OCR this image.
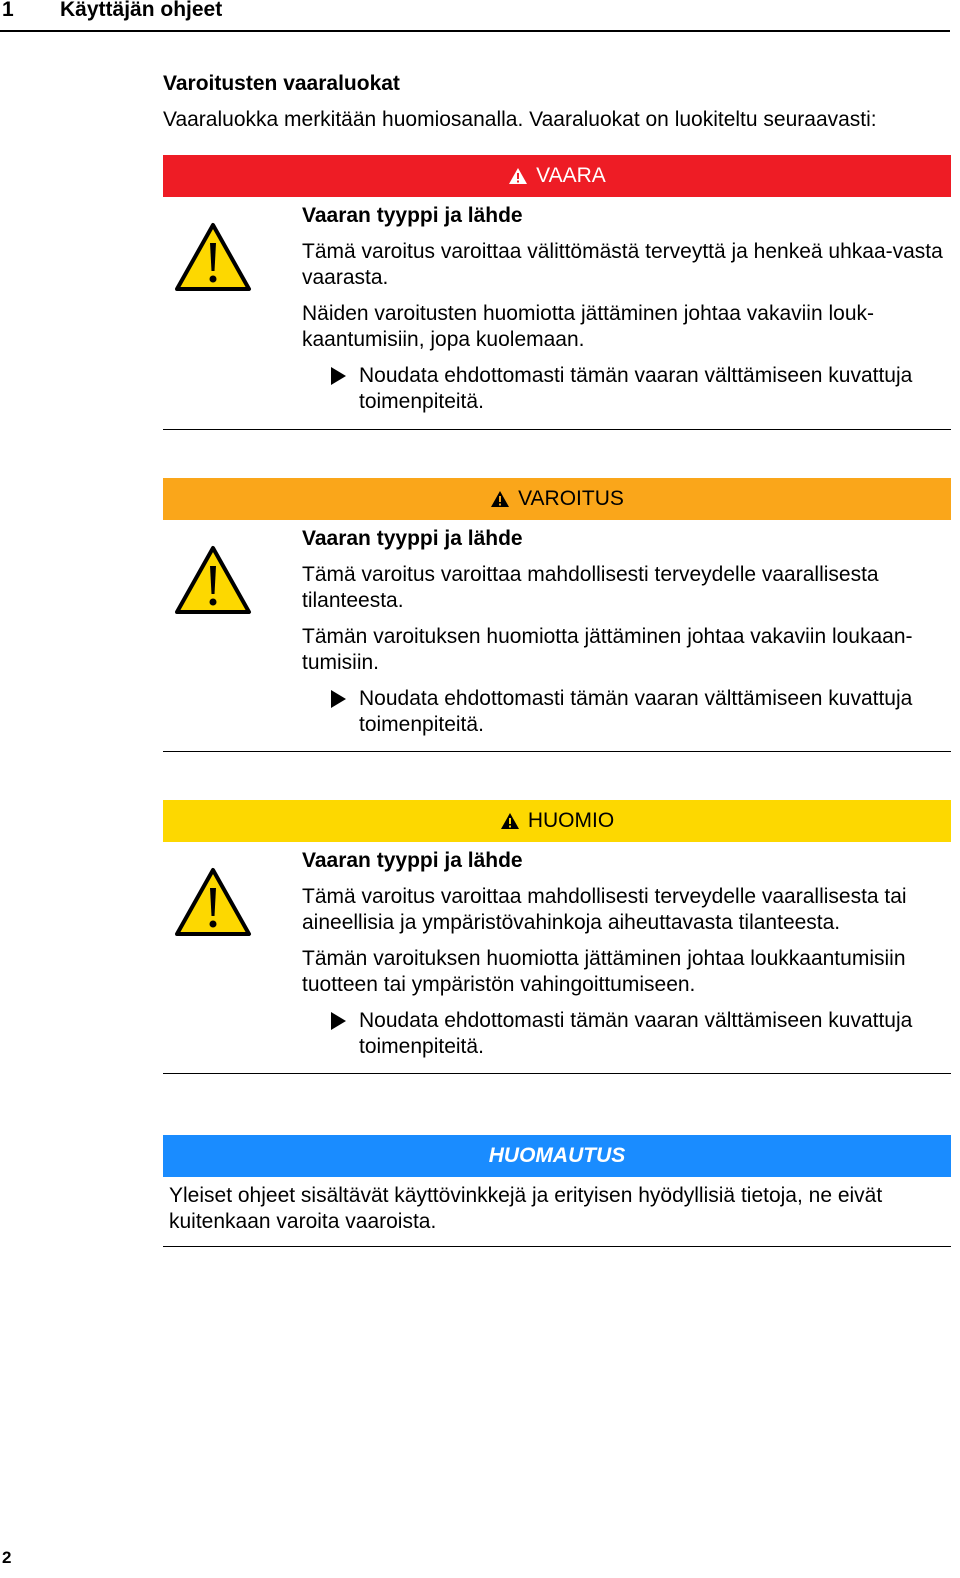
1 Käyttäjän ohjeet
Varoitusten vaaraluokat
Vaaraluokka merkitään huomiosanalla. Vaaraluokat on luokiteltu seuraavasti:
VAARA
Vaaran tyyppi ja lähde

Tämä varoitus varoittaa välittömästä terveyttä ja henkeä uhkaa-vasta vaarasta.

Näiden varoitusten huomiotta jättäminen johtaa vakaviin louk-kaantumisiin, jopa kuolemaan.

Noudata ehdottomasti tämän vaaran välttämiseen kuvattuja toimenpiteitä.
VAROITUS
Vaaran tyyppi ja lähde

Tämä varoitus varoittaa mahdollisesti terveydelle vaarallisesta tilanteesta.

Tämän varoituksen huomiotta jättäminen johtaa vakaviin loukaan-tumisiin.

Noudata ehdottomasti tämän vaaran välttämiseen kuvattuja toimenpiteitä.
HUOMIO
Vaaran tyyppi ja lähde

Tämä varoitus varoittaa mahdollisesti terveydelle vaarallisesta tai aineellisia ja ympäristövahinkoja aiheuttavasta tilanteesta.

Tämän varoituksen huomiotta jättäminen johtaa loukkaantumisiin tuotteen tai ympäristön vahingoittumiseen.

Noudata ehdottomasti tämän vaaran välttämiseen kuvattuja toimenpiteitä.
HUOMAUTUS

Yleiset ohjeet sisältävät käyttövinkkejä ja erityisen hyödyllisiä tietoja, ne eivät kuitenkaan varoita vaaroista.

2
